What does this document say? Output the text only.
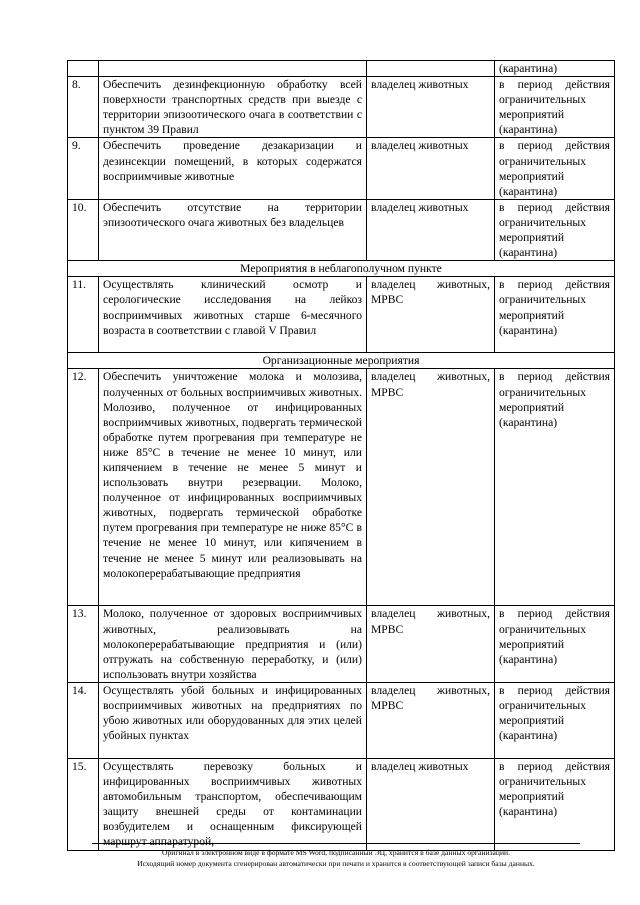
			(карантина)
8.	Обеспечить дезинфекционную обработку всей поверхности транспортных средств при выезде с территории эпизоотического очага в соответствии с пунктом 39 Правил	владелец животных	в период действия ограничительных мероприятий (карантина)
9.	Обеспечить проведение дезакаризации и дезинсекции помещений, в которых содержатся восприимчивые животные	владелец животных	в период действия ограничительных мероприятий (карантина)
10.	Обеспечить отсутствие на территории эпизоотического очага животных без владельцев	владелец животных	в период действия ограничительных мероприятий (карантина)
Мероприятия в неблагополучном пункте			
11.	Осуществлять клинический осмотр и серологические исследования на лейкоз восприимчивых животных старше 6-месячного возраста в соответствии с главой V Правил	владелец животных, МРВС	в период действия ограничительных мероприятий (карантина)
Организационные мероприятия			
12.	Обеспечить уничтожение молока и молозива, полученных от больных восприимчивых животных. Молозиво, полученное от инфицированных восприимчивых животных, подвергать термической обработке путем прогревания при температуре не ниже 85°С в течение не менее 10 минут, или кипячением в течение не менее 5 минут и использовать внутри резервации. Молоко, полученное от инфицированных восприимчивых животных, подвергать термической обработке путем прогревания при температуре не ниже 85°С в течение не менее 10 минут, или кипячением в течение не менее 5 минут или реализовывать на молокоперерабатывающие предприятия	владелец животных, МРВС	в период действия ограничительных мероприятий (карантина)
13.	Молоко, полученное от здоровых восприимчивых животных, реализовывать на молокоперерабатывающие предприятия и (или) отгружать на собственную переработку, и (или) использовать внутри хозяйства	владелец животных, МРВС	в период действия ограничительных мероприятий (карантина)
14.	Осуществлять убой больных и инфицированных восприимчивых животных на предприятиях по убою животных или оборудованных для этих целей убойных пунктах	владелец животных, МРВС	в период действия ограничительных мероприятий (карантина)
15.	Осуществлять перевозку больных и инфицированных восприимчивых животных автомобильным транспортом, обеспечивающим защиту внешней среды от контаминации возбудителем и оснащенным фиксирующей маршрут аппаратурой,	владелец животных	в период действия ограничительных мероприятий (карантина)
Оригинал в электронном виде в формате MS Word, подписанный ЭЦ, хранится в базе данных организации.
Исходящий номер документа сгенерирован автоматически при печати и хранится в соответствующей записи базы данных.
